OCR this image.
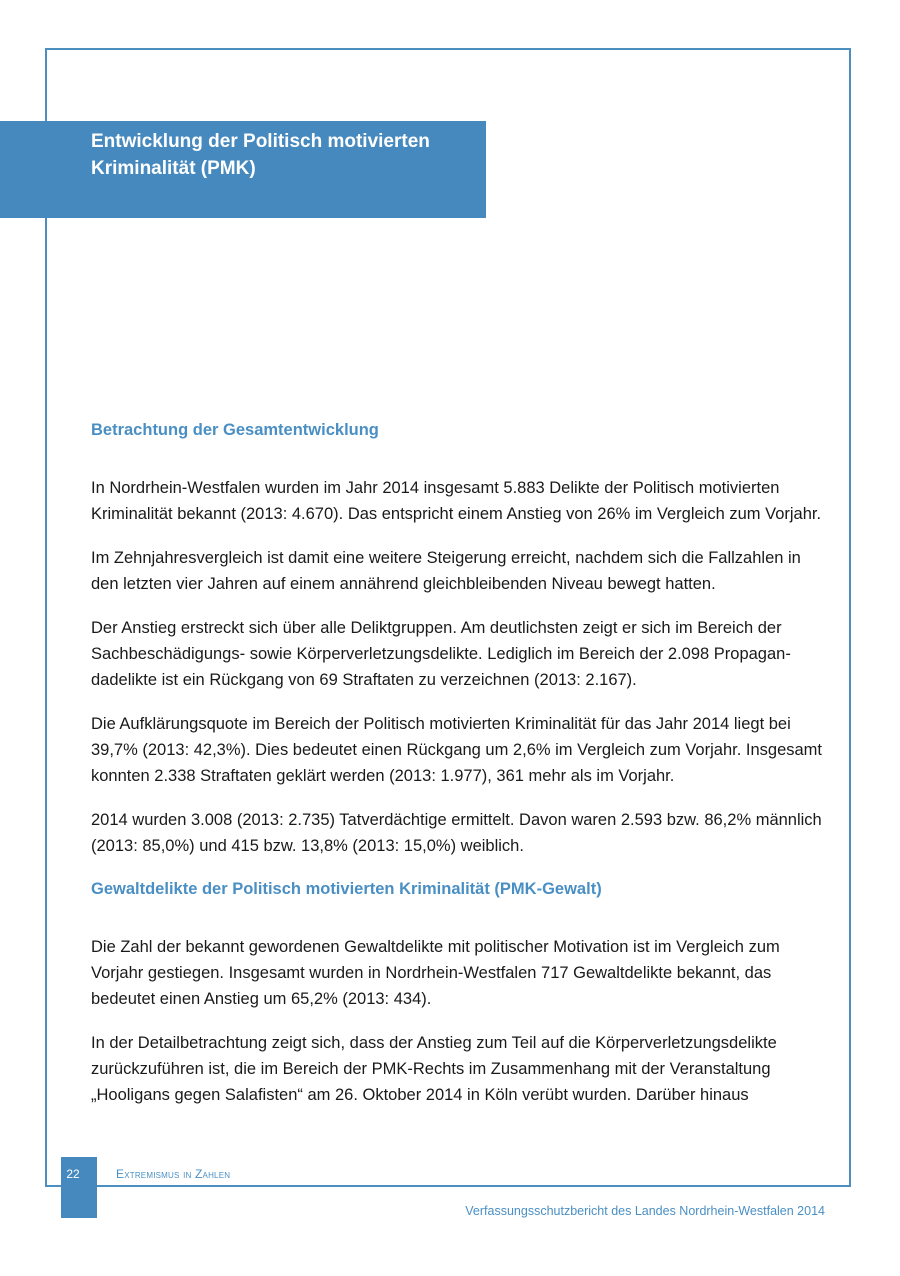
Entwicklung der Politisch motivierten Kriminalität (PMK)
Betrachtung der Gesamtentwicklung

In Nordrhein-Westfalen wurden im Jahr 2014 insgesamt 5.883 Delikte der Politisch motivierten Kriminalität bekannt (2013: 4.670). Das entspricht einem Anstieg von 26% im Vergleich zum Vorjahr.

Im Zehnjahresvergleich ist damit eine weitere Steigerung erreicht, nachdem sich die Fallzahlen in den letzten vier Jahren auf einem annährend gleichbleibenden Niveau bewegt hatten.

Der Anstieg erstreckt sich über alle Deliktgruppen. Am deutlichsten zeigt er sich im Bereich der Sachbeschädigungs- sowie Körperverletzungsdelikte. Lediglich im Bereich der 2.098 Propagandadelikte ist ein Rückgang von 69 Straftaten zu verzeichnen (2013: 2.167).

Die Aufklärungsquote im Bereich der Politisch motivierten Kriminalität für das Jahr 2014 liegt bei 39,7% (2013: 42,3%). Dies bedeutet einen Rückgang um 2,6% im Vergleich zum Vorjahr. Insgesamt konnten 2.338 Straftaten geklärt werden (2013: 1.977), 361 mehr als im Vorjahr.

2014 wurden 3.008 (2013: 2.735) Tatverdächtige ermittelt. Davon waren 2.593 bzw. 86,2% männlich (2013: 85,0%) und 415 bzw. 13,8% (2013: 15,0%) weiblich.

Gewaltdelikte der Politisch motivierten Kriminalität (PMK-Gewalt)

Die Zahl der bekannt gewordenen Gewaltdelikte mit politischer Motivation ist im Vergleich zum Vorjahr gestiegen. Insgesamt wurden in Nordrhein-Westfalen 717 Gewaltdelikte bekannt, das bedeutet einen Anstieg um 65,2% (2013: 434).

In der Detailbetrachtung zeigt sich, dass der Anstieg zum Teil auf die Körperverletzungsdelikte zurückzuführen ist, die im Bereich der PMK-Rechts im Zusammenhang mit der Veranstaltung „Hooligans gegen Salafisten“ am 26. Oktober 2014 in Köln verübt wurden. Darüber hinaus

22	Extremismus in Zahlen
Verfassungsschutzbericht des Landes Nordrhein-Westfalen 2014
